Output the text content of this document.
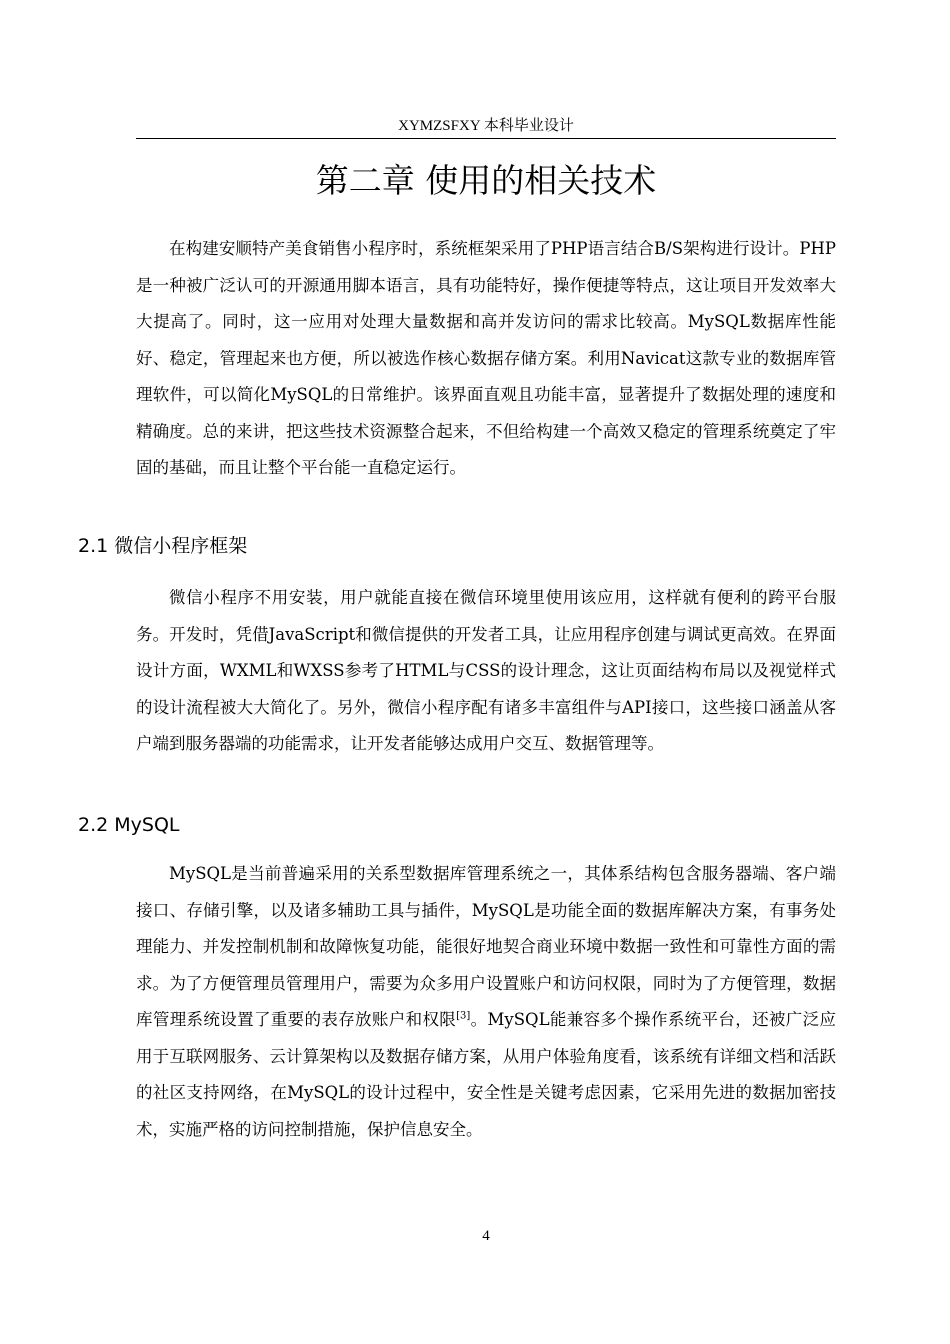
XYMZSFXY 本科毕业设计
第二章 使用的相关技术

在构建安顺特产美食销售小程序时，系统框架采用了PHP语言结合B/S架构进行设计。PHP是一种被广泛认可的开源通用脚本语言，具有功能特好，操作便捷等特点，这让项目开发效率大大提高了。同时，这一应用对处理大量数据和高并发访问的需求比较高。MySQL数据库性能好、稳定，管理起来也方便，所以被选作核心数据存储方案。利用Navicat这款专业的数据库管理软件，可以简化MySQL的日常维护。该界面直观且功能丰富，显著提升了数据处理的速度和精确度。总的来讲，把这些技术资源整合起来，不但给构建一个高效又稳定的管理系统奠定了牢固的基础，而且让整个平台能一直稳定运行。

2.1 微信小程序框架

微信小程序不用安装，用户就能直接在微信环境里使用该应用，这样就有便利的跨平台服务。开发时，凭借JavaScript和微信提供的开发者工具，让应用程序创建与调试更高效。在界面设计方面，WXML和WXSS参考了HTML与CSS的设计理念，这让页面结构布局以及视觉样式的设计流程被大大简化了。另外，微信小程序配有诸多丰富组件与API接口，这些接口涵盖从客户端到服务器端的功能需求，让开发者能够达成用户交互、数据管理等。

2.2 MySQL

MySQL是当前普遍采用的关系型数据库管理系统之一，其体系结构包含服务器端、客户端接口、存储引擎，以及诸多辅助工具与插件，MySQL是功能全面的数据库解决方案，有事务处理能力、并发控制机制和故障恢复功能，能很好地契合商业环境中数据一致性和可靠性方面的需求。为了方便管理员管理用户，需要为众多用户设置账户和访问权限，同时为了方便管理，数据库管理系统设置了重要的表存放账户和权限[3]。MySQL能兼容多个操作系统平台，还被广泛应用于互联网服务、云计算架构以及数据存储方案，从用户体验角度看，该系统有详细文档和活跃的社区支持网络，在MySQL的设计过程中，安全性是关键考虑因素，它采用先进的数据加密技术，实施严格的访问控制措施，保护信息安全。

4
